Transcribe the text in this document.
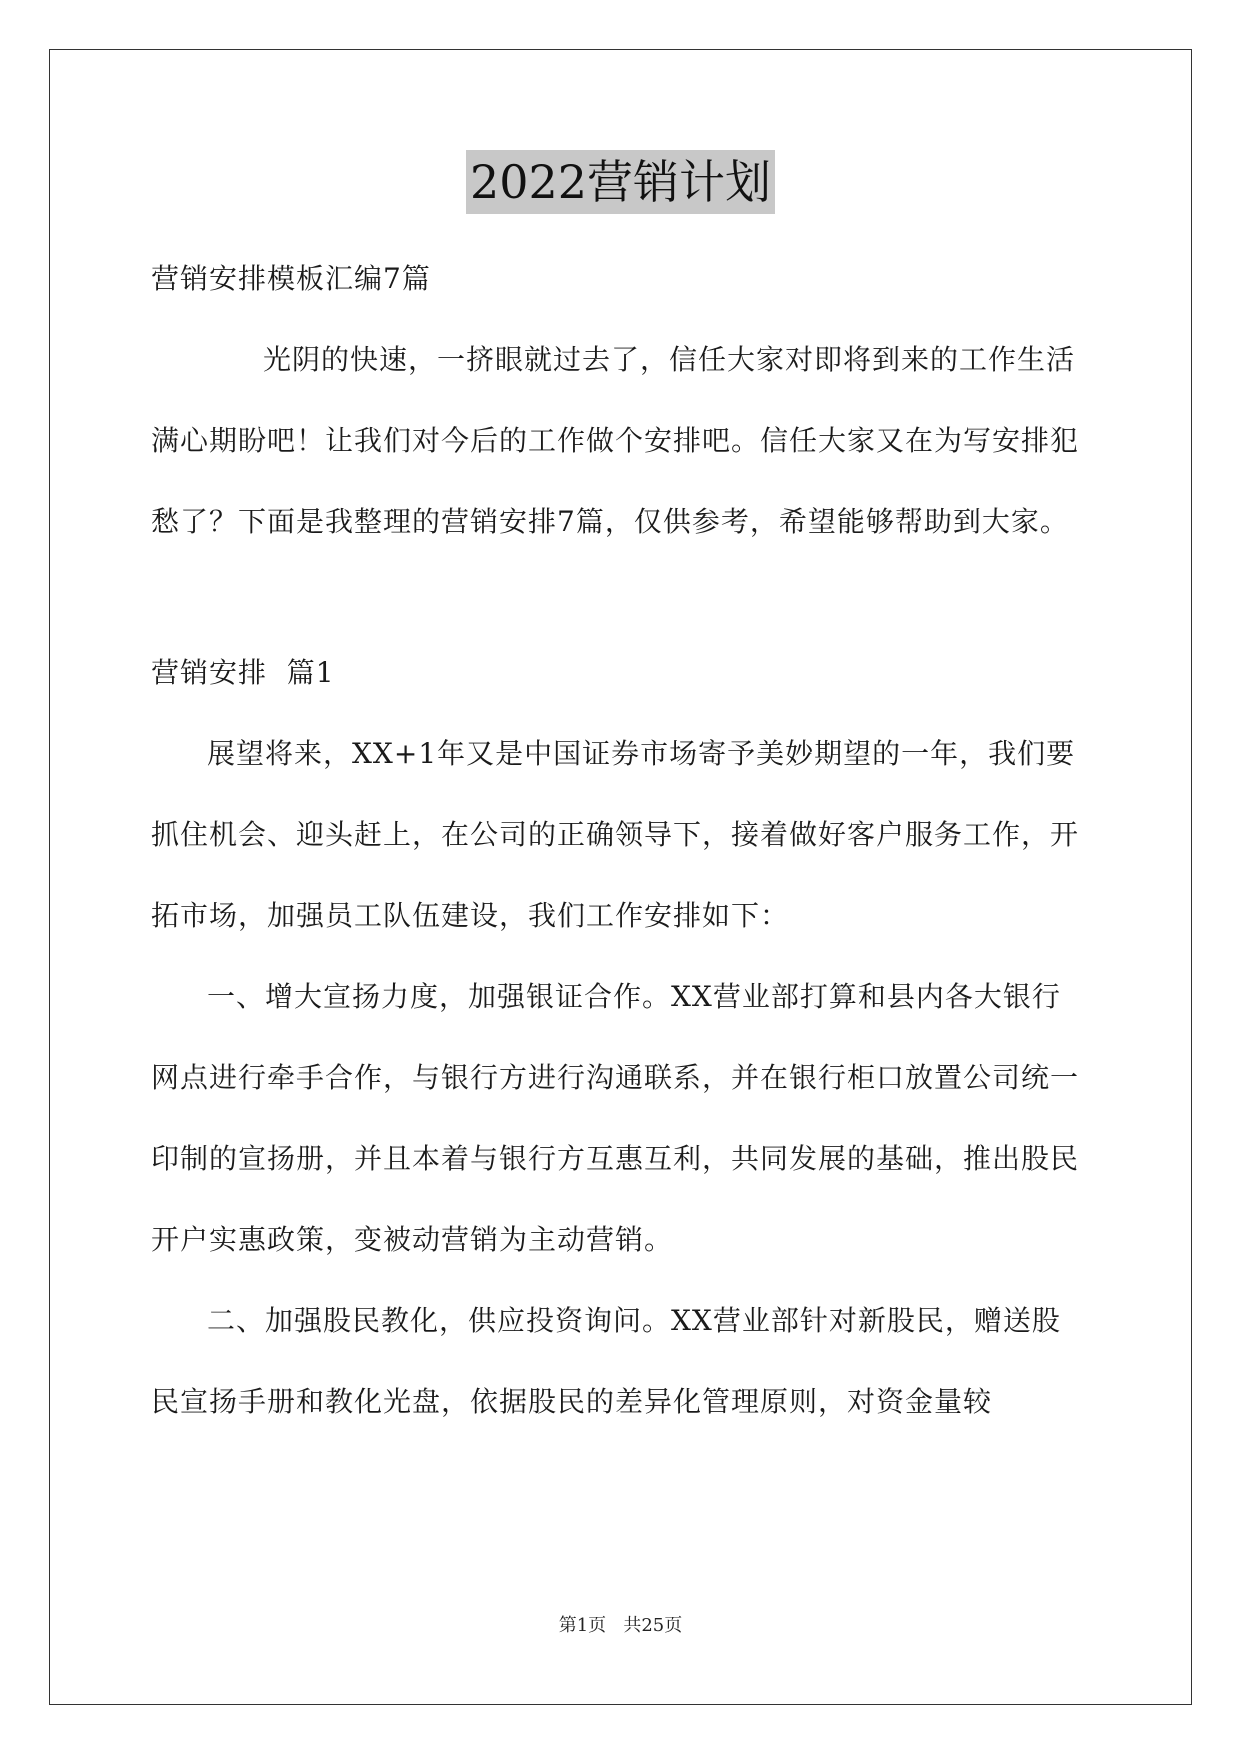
2022营销计划

营销安排模板汇编7篇

光阴的快速，一挤眼就过去了，信任大家对即将到来的工作生活满心期盼吧！让我们对今后的工作做个安排吧。信任大家又在为写安排犯愁了？下面是我整理的营销安排7篇，仅供参考，希望能够帮助到大家。

营销安排  篇1

展望将来，XX+1年又是中国证券市场寄予美妙期望的一年，我们要抓住机会、迎头赶上，在公司的正确领导下，接着做好客户服务工作，开拓市场，加强员工队伍建设，我们工作安排如下：

一、增大宣扬力度，加强银证合作。XX营业部打算和县内各大银行网点进行牵手合作，与银行方进行沟通联系，并在银行柜口放置公司统一印制的宣扬册，并且本着与银行方互惠互利，共同发展的基础，推出股民开户实惠政策，变被动营销为主动营销。

二、加强股民教化，供应投资询问。XX营业部针对新股民，赠送股民宣扬手册和教化光盘，依据股民的差异化管理原则，对资金量较

第1页   共25页
